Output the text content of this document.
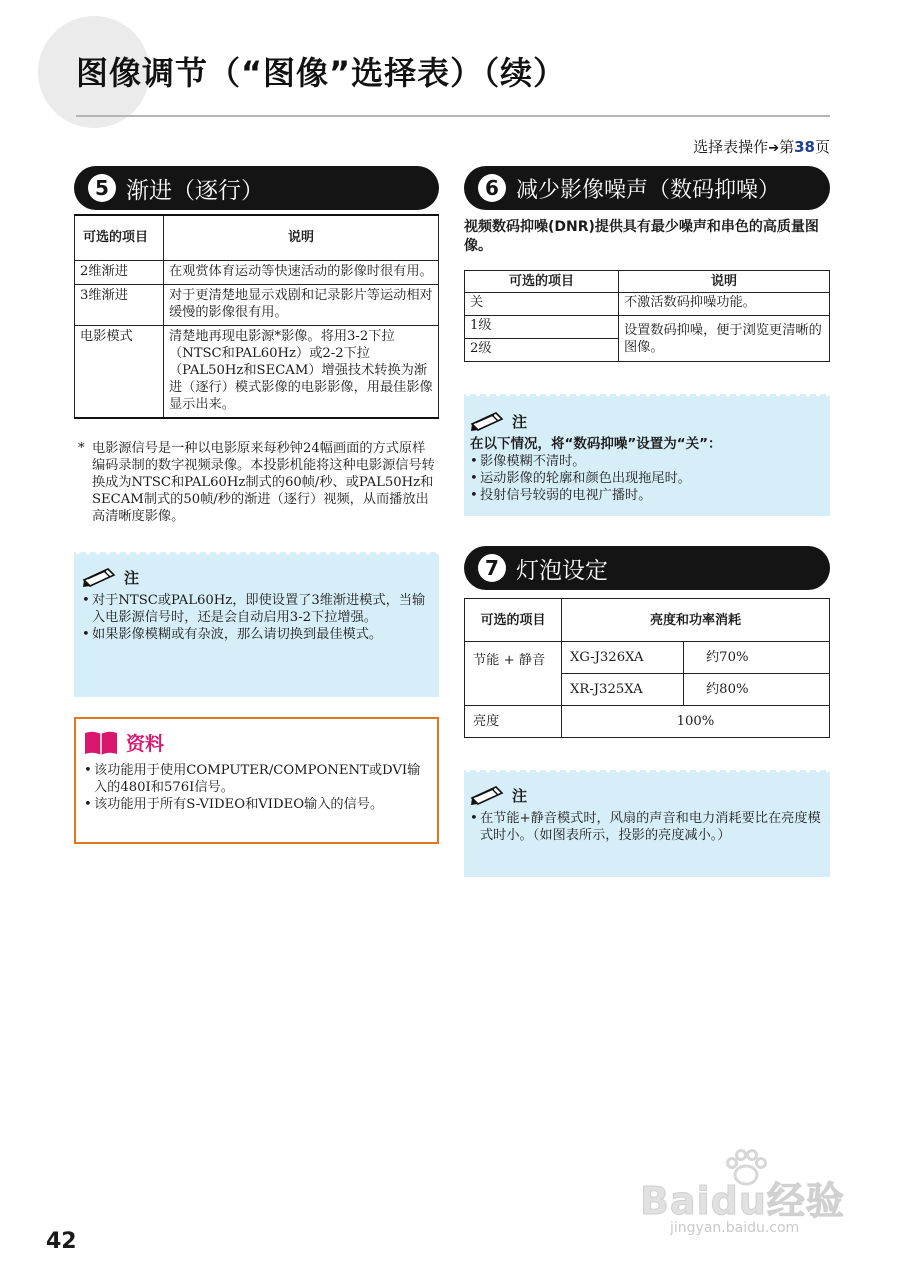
图像调节（“图像”选择表）（续）
选择表操作➔第38页
5 渐进（逐行）
可选的项目	说明
2维渐进	在观赏体育运动等快速活动的影像时很有用。
3维渐进	对于更清楚地显示戏剧和记录影片等运动相对缓慢的影像很有用。
电影模式	清楚地再现电影源*影像。将用3-2下拉（NTSC和PAL60Hz）或2-2下拉（PAL50Hz和SECAM）增强技术转换为渐进（逐行）模式影像的电影影像，用最佳影像显示出来。
* 电影源信号是一种以电影原来每秒钟24幅画面的方式原样编码录制的数字视频录像。本投影机能将这种电影源信号转换成为NTSC和PAL60Hz制式的60帧/秒、或PAL50Hz和SECAM制式的50帧/秒的渐进（逐行）视频，从而播放出高清晰度影像。
注
• 对于NTSC或PAL60Hz，即使设置了3维渐进模式，当输入电影源信号时，还是会自动启用3-2下拉增强。
• 如果影像模糊或有杂波，那么请切换到最佳模式。
资料
• 该功能用于使用COMPUTER/COMPONENT或DVI输入的480I和576I信号。
• 该功能用于所有S-VIDEO和VIDEO输入的信号。
6 减少影像噪声（数码抑噪）
视频数码抑噪(DNR)提供具有最少噪声和串色的高质量图像。
可选的项目	说明
关	不激活数码抑噪功能。
1级	设置数码抑噪，便于浏览更清晰的图像。
2级	
注
在以下情况，将“数码抑噪”设置为“关”：
• 影像模糊不清时。
• 运动影像的轮廓和颜色出现拖尾时。
• 投射信号较弱的电视广播时。
7 灯泡设定
可选的项目	亮度和功率消耗	
节能 + 静音	XG-J326XA	约70%
	XR-J325XA	约80%
亮度	100%	
注
• 在节能+静音模式时，风扇的声音和电力消耗要比在亮度模式时小。（如图表所示，投影的亮度减小。）
42
Baidu经验
jingyan.baidu.com
